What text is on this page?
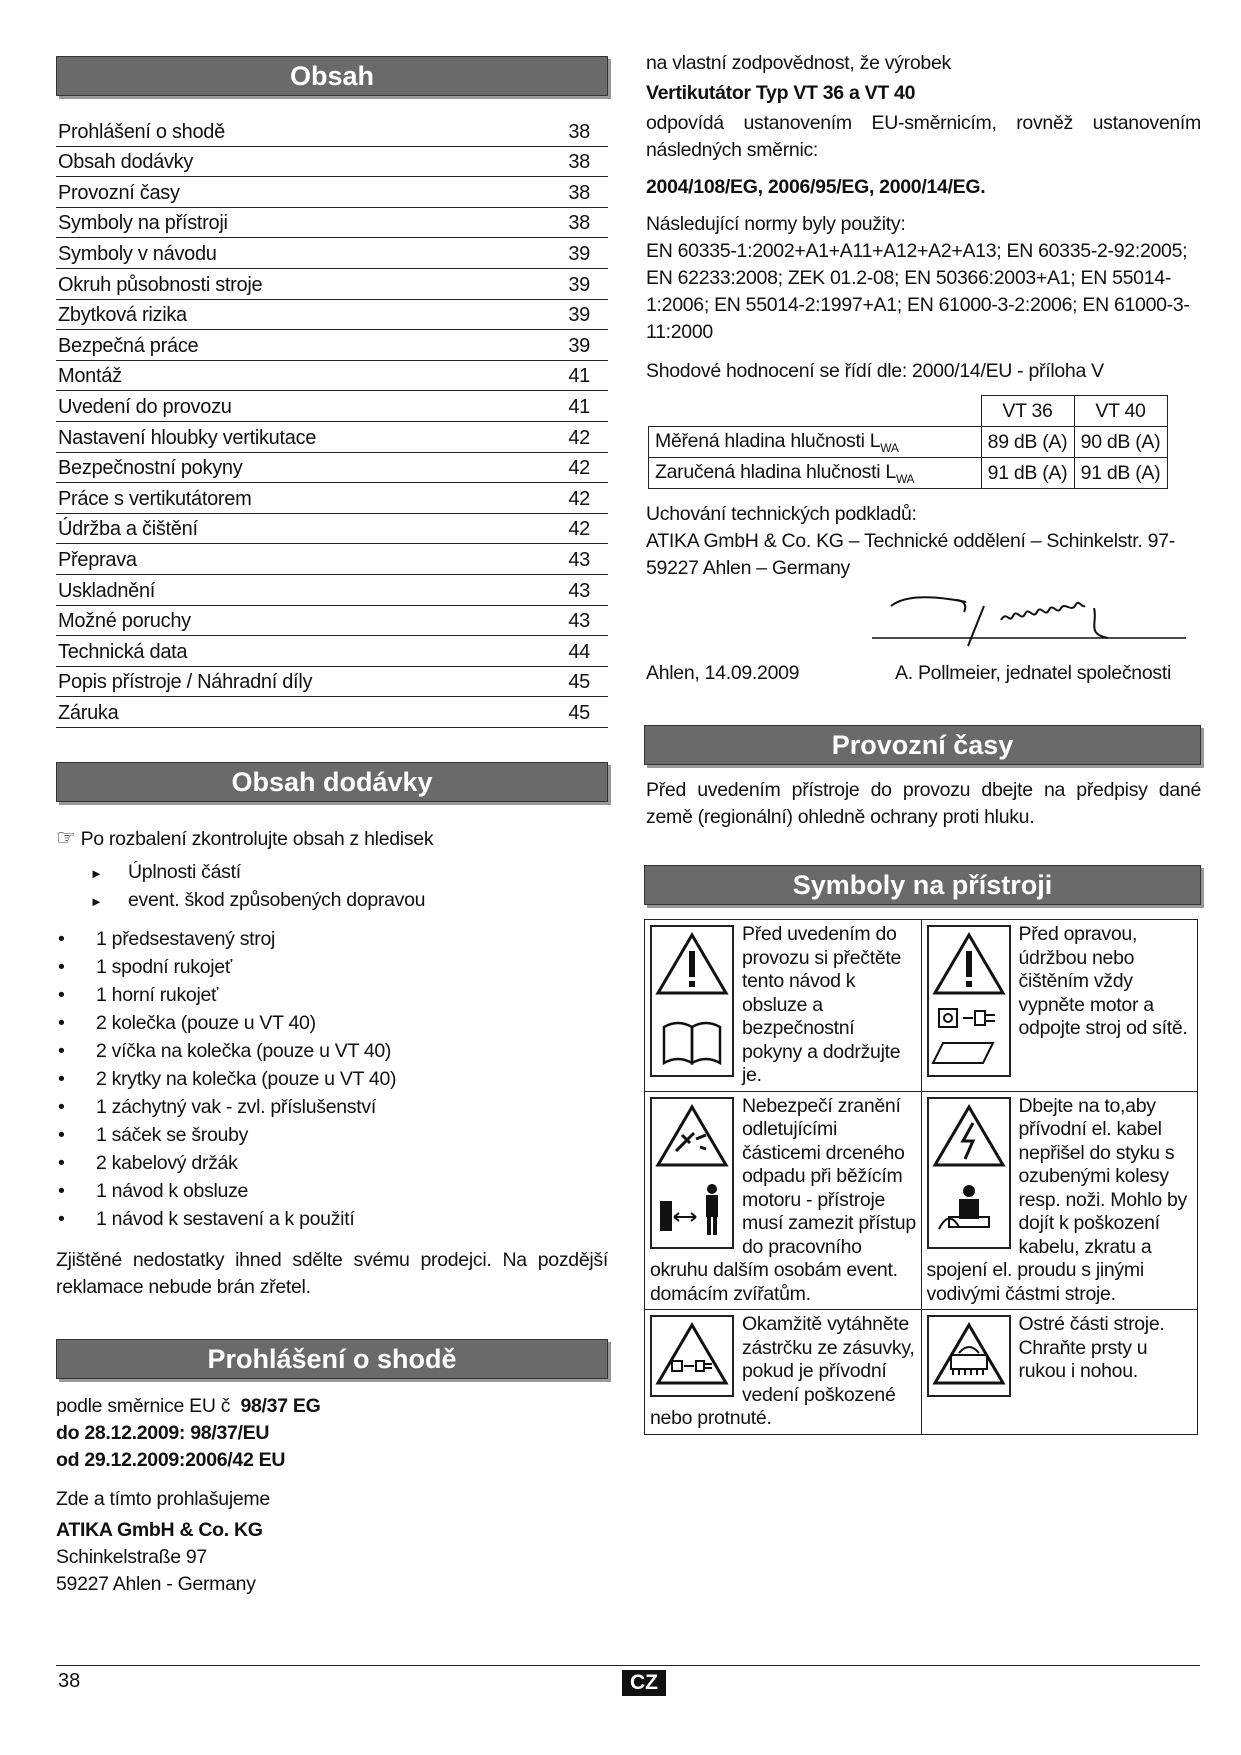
Obsah
Prohlášení o shodě	38
Obsah dodávky	38
Provozní časy	38
Symboly na přístroji	38
Symboly v návodu	39
Okruh působnosti stroje	39
Zbytková rizika	39
Bezpečná práce	39
Montáž	41
Uvedení do provozu	41
Nastavení hloubky vertikutace	42
Bezpečnostní pokyny	42
Práce s vertikutátorem	42
Údržba a čištění	42
Přeprava	43
Uskladnění	43
Možné poruchy	43
Technická data	44
Popis přístroje / Náhradní díly	45
Záruka	45
Obsah dodávky
☞ Po rozbalení zkontrolujte obsah z hledisek
► Úplnosti částí
► event. škod způsobených dopravou
• 1 předsestavený stroj
• 1 spodní rukojeť
• 1 horní rukojeť
• 2 kolečka (pouze u VT 40)
• 2 víčka na kolečka (pouze u VT 40)
• 2 krytky na kolečka (pouze u VT 40)
• 1 záchytný vak - zvl. příslušenství
• 1 sáček se šrouby
• 2 kabelový držák
• 1 návod k obsluze
• 1 návod k sestavení a k použití
Zjištěné nedostatky ihned sdělte svému prodejci. Na pozdější reklamace nebude brán zřetel.
Prohlášení o shodě
podle směrnice EU č 98/37 EG
do 28.12.2009: 98/37/EU
od 29.12.2009:2006/42 EU
Zde a tímto prohlašujeme
ATIKA GmbH & Co. KG
Schinkelstraße 97
59227 Ahlen - Germany
na vlastní zodpovědnost, že výrobek
Vertikutátor Typ VT 36 a VT 40
odpovídá ustanovením EU-směrnicím, rovněž ustanovením následných směrnic:
2004/108/EG, 2006/95/EG, 2000/14/EG.
Následující normy byly použity:
EN 60335-1:2002+A1+A11+A12+A2+A13; EN 60335-2-92:2005; EN 62233:2008; ZEK 01.2-08; EN 50366:2003+A1; EN 55014-1:2006; EN 55014-2:1997+A1; EN 61000-3-2:2006; EN 61000-3-11:2000
Shodové hodnocení se řídí dle: 2000/14/EU - příloha V
	VT 36	VT 40
Měřená hladina hlučnosti $L_{WA}$	89 dB (A)	90 dB (A)
Zaručená hladina hlučnosti $L_{WA}$	91 dB (A)	91 dB (A)
Uchování technických podkladů:
ATIKA GmbH & Co. KG – Technické oddělení – Schinkelstr. 97-59227 Ahlen – Germany
Ahlen, 14.09.2009	A. Pollmeier, jednatel společnosti
Provozní časy
Před uvedením přístroje do provozu dbejte na předpisy dané země (regionální) ohledně ochrany proti hluku.
Symboly na přístroji
Před uvedením do provozu si přečtěte tento návod k obsluze a bezpečnostní pokyny a dodržujte je.	Před opravou, údržbou nebo čištěním vždy vypněte motor a odpojte stroj od sítě.

Nebezpečí zranění odletujícími částicemi drceného odpadu při běžícím motoru - přístroje musí zamezit přístup do pracovního okruhu dalším osobám event. domácím zvířatům.	Dbejte na to,aby přívodní el. kabel nepřišel do styku s ozubenými kolesy resp. noži. Mohlo by dojít k poškození kabelu, zkratu a spojení el. proudu s jinými vodivými částmi stroje.

Okamžitě vytáhněte zástrčku ze zásuvky, pokud je přívodní vedení poškozené nebo protnuté.	Ostré části stroje. Chraňte prsty u rukou i nohou.
38	CZ
